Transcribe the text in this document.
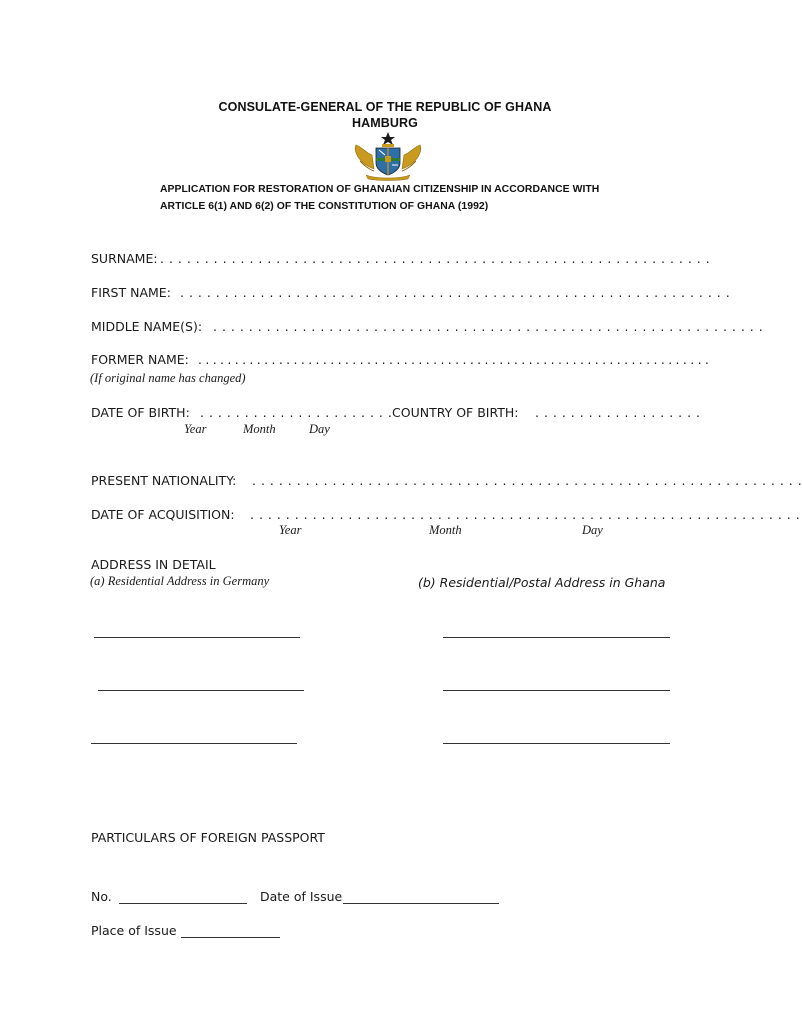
CONSULATE-GENERAL OF THE REPUBLIC OF GHANA
HAMBURG
APPLICATION FOR RESTORATION OF GHANAIAN CITIZENSHIP IN ACCORDANCE WITH
ARTICLE 6(1) AND 6(2) OF THE CONSTITUTION OF GHANA (1992)
SURNAME: . . . . . . . . . . . . . . . . . . . . . . . . . . . . . . . . . . . . . . . . . . . . . . . . . . . . . . . . . . . . . .
FIRST NAME: . . . . . . . . . . . . . . . . . . . . . . . . . . . . . . . . . . . . . . . . . . . . . . . . . . . . . . . . . . . . . .
MIDDLE NAME(S): . . . . . . . . . . . . . . . . . . . . . . . . . . . . . . . . . . . . . . . . . . . . . . . . . . . . . . . . . . . . . .
FORMER NAME: . . . . . . . . . . . . . . . . . . . . . . . . . . . . . . . . . . . . . . . . . . . . . . . . . . . . . . . . . . . . . . . . . . . . . .
(If original name has changed)
DATE OF BIRTH: . . . . . . . . . . . . . . . . . . . . . . COUNTRY OF BIRTH: . . . . . . . . . . . . . . . . . . .
Year	Month	Day
PRESENT NATIONALITY: . . . . . . . . . . . . . . . . . . . . . . . . . . . . . . . . . . . . . . . . . . . . . . . . . . . . . . . . . . . . . .
DATE OF ACQUISITION: . . . . . . . . . . . . . . . . . . . . . . . . . . . . . . . . . . . . . . . . . . . . . . . . . . . . . . . . . . . . . .
Year	Month	Day
ADDRESS IN DETAIL
(a) Residential Address in Germany	(b) Residential/Postal Address in Ghana
PARTICULARS OF FOREIGN PASSPORT
No.	Date of Issue
Place of Issue
